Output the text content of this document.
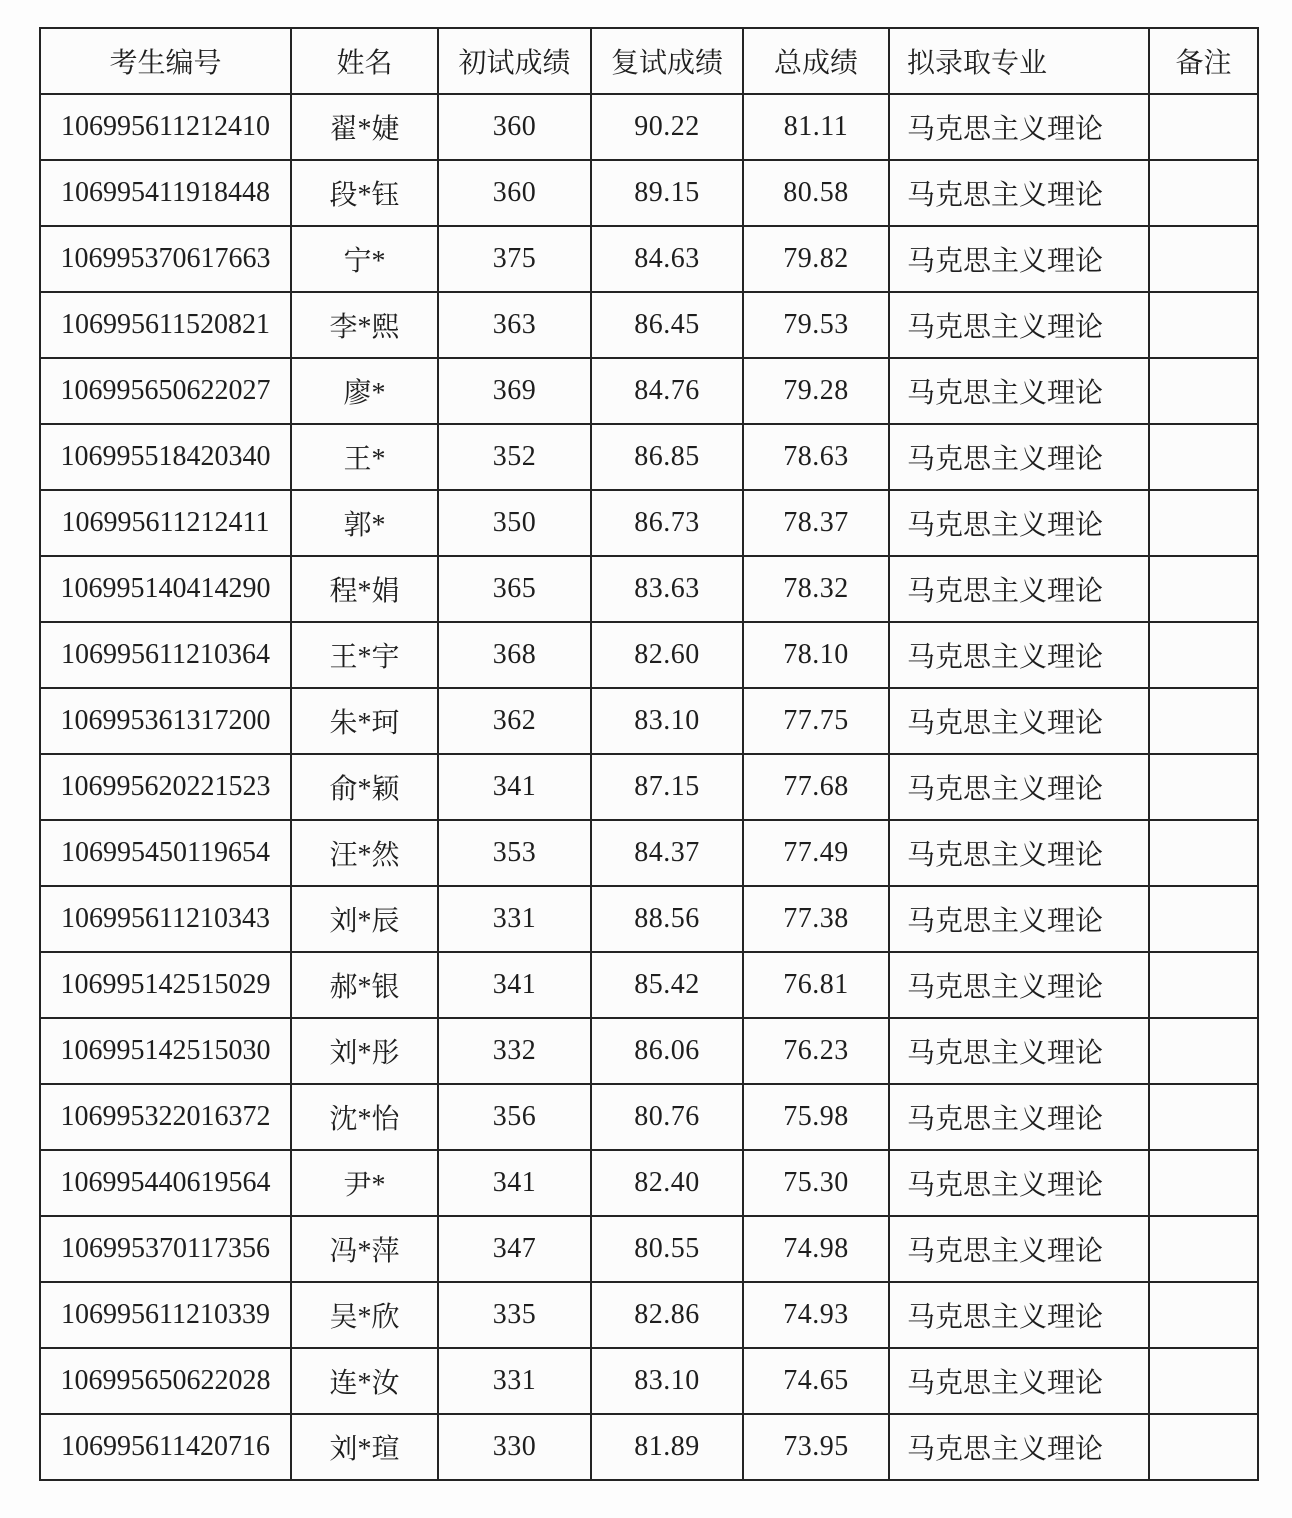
考生编号	姓名	初试成绩	复试成绩	总成绩	拟录取专业	备注
106995611212410	翟*婕	360	90.22	81.11	马克思主义理论	
106995411918448	段*钰	360	89.15	80.58	马克思主义理论	
106995370617663	宁*	375	84.63	79.82	马克思主义理论	
106995611520821	李*熙	363	86.45	79.53	马克思主义理论	
106995650622027	廖*	369	84.76	79.28	马克思主义理论	
106995518420340	王*	352	86.85	78.63	马克思主义理论	
106995611212411	郭*	350	86.73	78.37	马克思主义理论	
106995140414290	程*娟	365	83.63	78.32	马克思主义理论	
106995611210364	王*宇	368	82.60	78.10	马克思主义理论	
106995361317200	朱*珂	362	83.10	77.75	马克思主义理论	
106995620221523	俞*颖	341	87.15	77.68	马克思主义理论	
106995450119654	汪*然	353	84.37	77.49	马克思主义理论	
106995611210343	刘*辰	331	88.56	77.38	马克思主义理论	
106995142515029	郝*银	341	85.42	76.81	马克思主义理论	
106995142515030	刘*彤	332	86.06	76.23	马克思主义理论	
106995322016372	沈*怡	356	80.76	75.98	马克思主义理论	
106995440619564	尹*	341	82.40	75.30	马克思主义理论	
106995370117356	冯*萍	347	80.55	74.98	马克思主义理论	
106995611210339	吴*欣	335	82.86	74.93	马克思主义理论	
106995650622028	连*汝	331	83.10	74.65	马克思主义理论	
106995611420716	刘*瑄	330	81.89	73.95	马克思主义理论	
